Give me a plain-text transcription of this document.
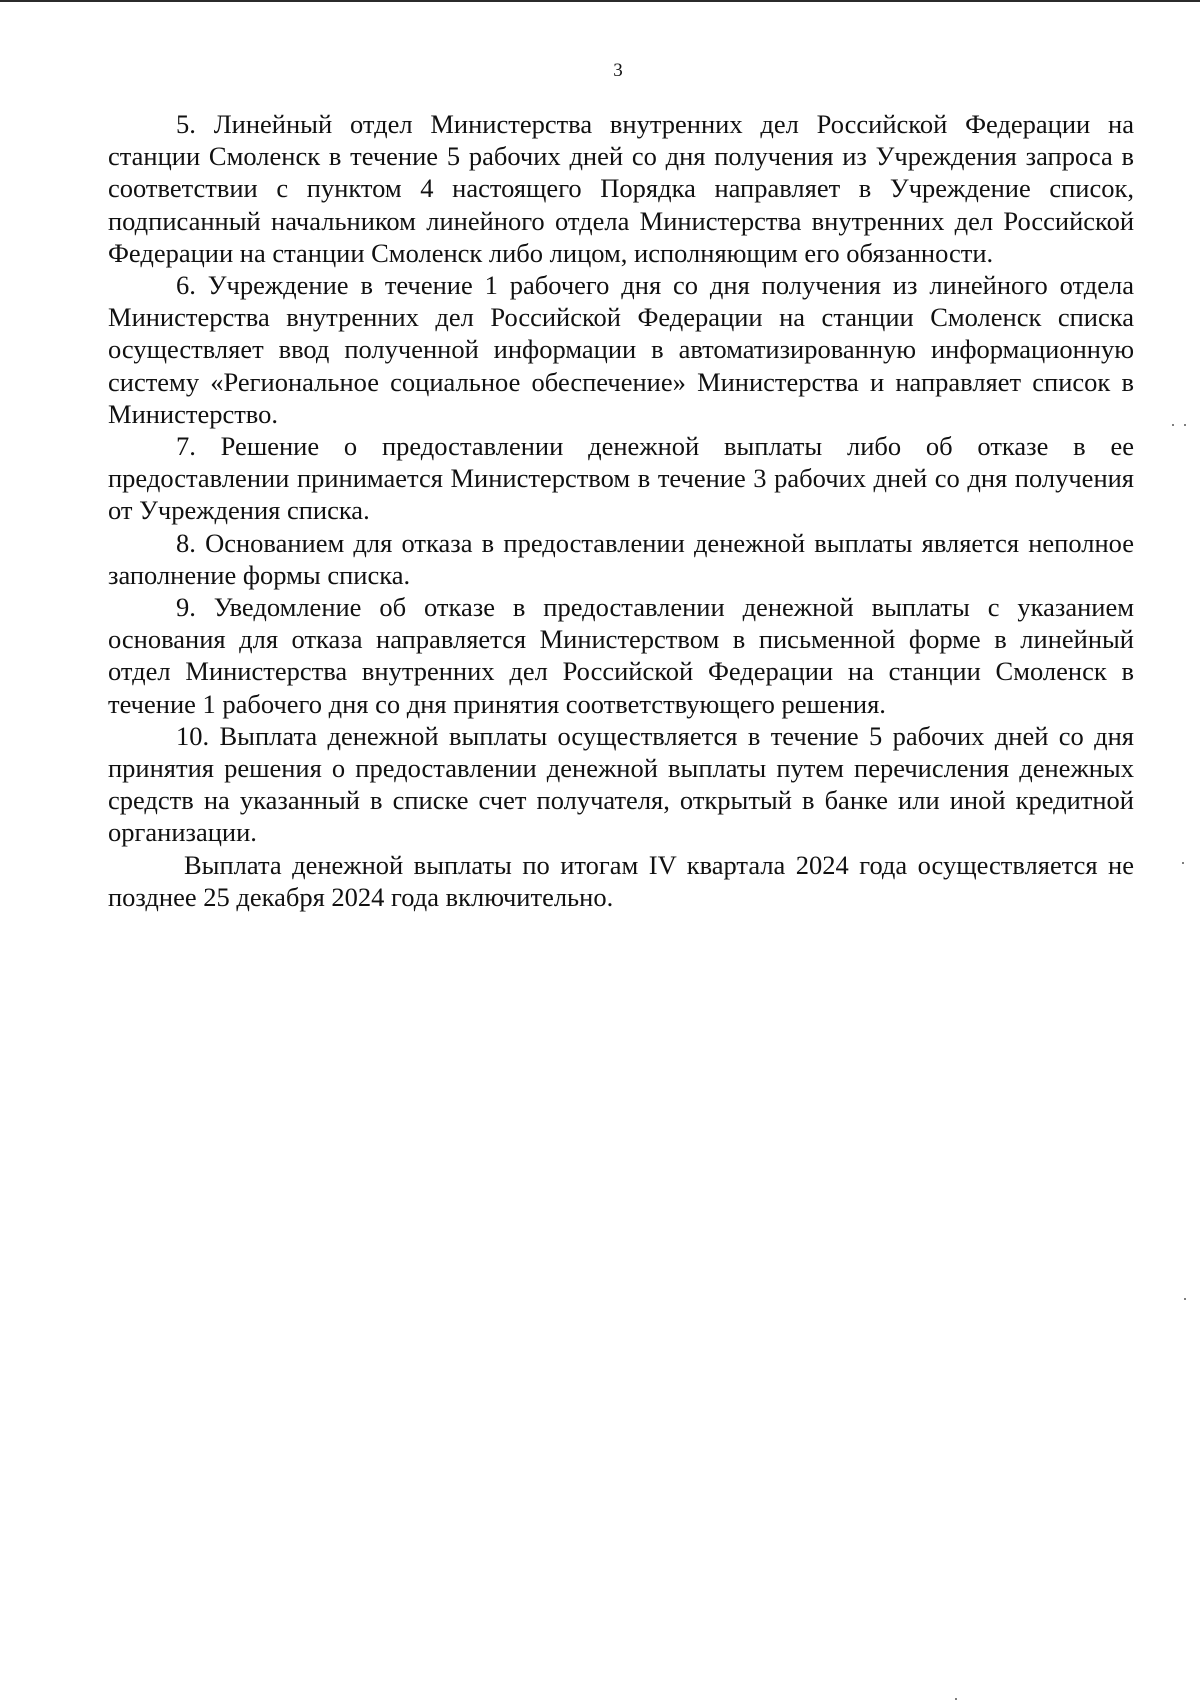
3

5. Линейный отдел Министерства внутренних дел Российской Федерации на станции Смоленск в течение 5 рабочих дней со дня получения из Учреждения запроса в соответствии с пунктом 4 настоящего Порядка направляет в Учреждение список, подписанный начальником линейного отдела Министерства внутренних дел Российской Федерации на станции Смоленск либо лицом, исполняющим его обязанности.

6. Учреждение в течение 1 рабочего дня со дня получения из линейного отдела Министерства внутренних дел Российской Федерации на станции Смоленск списка осуществляет ввод полученной информации в автоматизированную информационную систему «Региональное социальное обеспечение» Министерства и направляет список в Министерство.

7. Решение о предоставлении денежной выплаты либо об отказе в ее предоставлении принимается Министерством в течение 3 рабочих дней со дня получения от Учреждения списка.

8. Основанием для отказа в предоставлении денежной выплаты является неполное заполнение формы списка.

9. Уведомление об отказе в предоставлении денежной выплаты с указанием основания для отказа направляется Министерством в письменной форме в линейный отдел Министерства внутренних дел Российской Федерации на станции Смоленск в течение 1 рабочего дня со дня принятия соответствующего решения.

10. Выплата денежной выплаты осуществляется в течение 5 рабочих дней со дня принятия решения о предоставлении денежной выплаты путем перечисления денежных средств на указанный в списке счет получателя, открытый в банке или иной кредитной организации.

Выплата денежной выплаты по итогам IV квартала 2024 года осуществляется не позднее 25 декабря 2024 года включительно.
